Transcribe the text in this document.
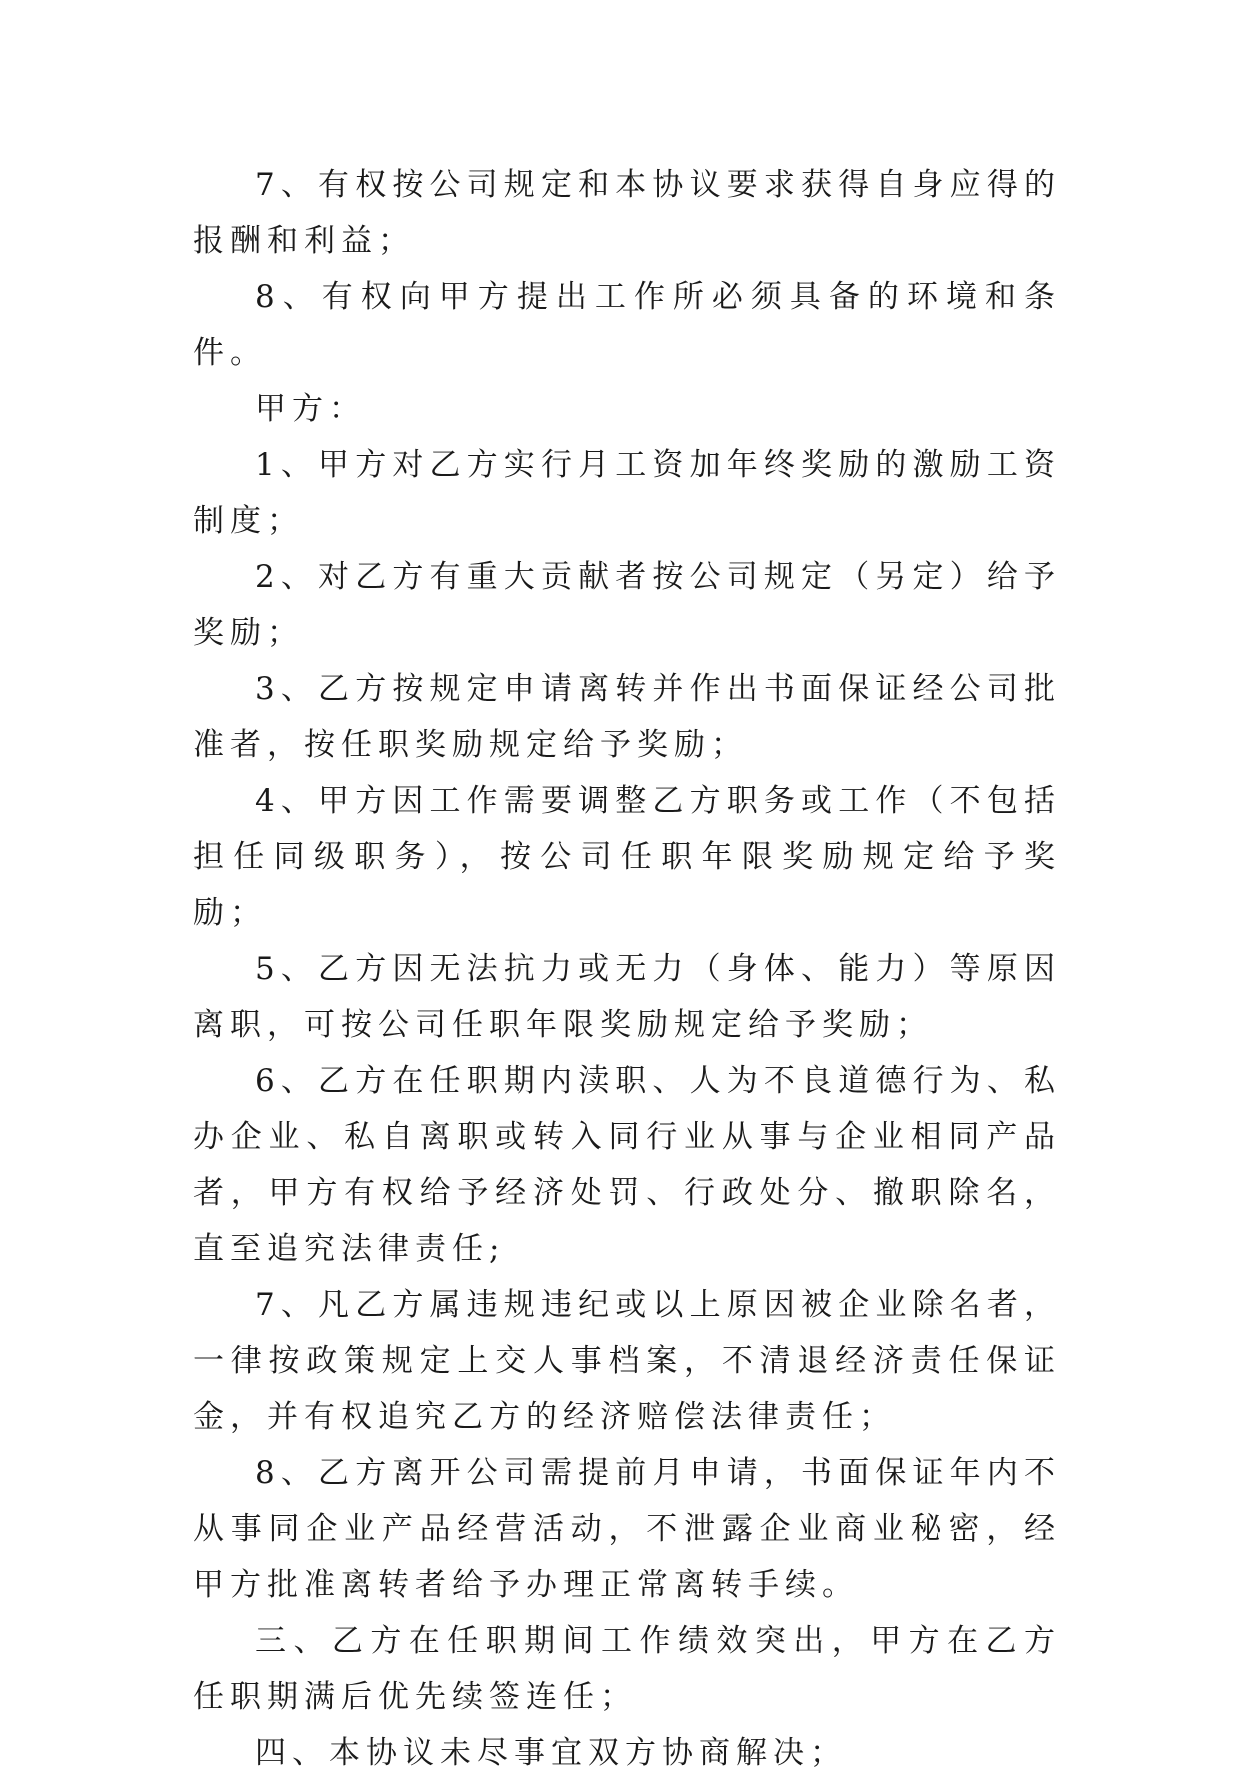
7、有权按公司规定和本协议要求获得自身应得的报酬和利益；

8、有权向甲方提出工作所必须具备的环境和条件。

甲方：

1、甲方对乙方实行月工资加年终奖励的激励工资制度；

2、对乙方有重大贡献者按公司规定（另定）给予奖励；

3、乙方按规定申请离转并作出书面保证经公司批准者，按任职奖励规定给予奖励；

4、甲方因工作需要调整乙方职务或工作（不包括担任同级职务），按公司任职年限奖励规定给予奖励；

5、乙方因无法抗力或无力（身体、能力）等原因离职，可按公司任职年限奖励规定给予奖励；

6、乙方在任职期内渎职、人为不良道德行为、私办企业、私自离职或转入同行业从事与企业相同产品者，甲方有权给予经济处罚、行政处分、撤职除名，直至追究法律责任;

7、凡乙方属违规违纪或以上原因被企业除名者，一律按政策规定上交人事档案，不清退经济责任保证金，并有权追究乙方的经济赔偿法律责任；

8、乙方离开公司需提前月申请，书面保证年内不从事同企业产品经营活动，不泄露企业商业秘密，经甲方批准离转者给予办理正常离转手续。

三、乙方在任职期间工作绩效突出，甲方在乙方任职期满后优先续签连任；

四、本协议未尽事宜双方协商解决；
